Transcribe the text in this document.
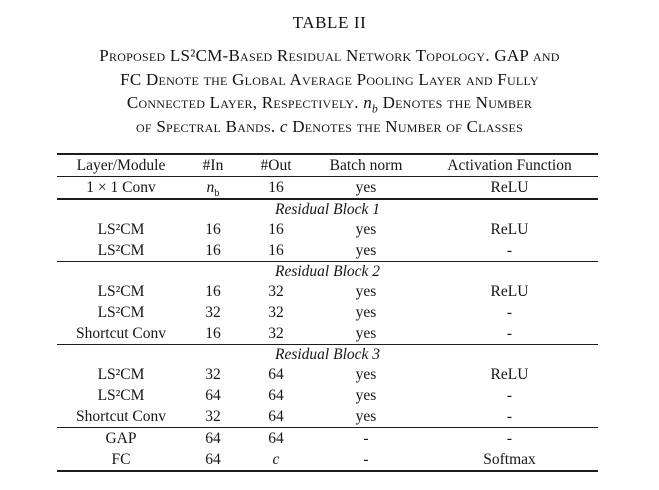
TABLE II
Proposed LS²CM-Based Residual Network Topology. GAP and
FC Denote the Global Average Pooling Layer and Fully
Connected Layer, Respectively. $n_b$ Denotes the Number
of Spectral Bands. c Denotes the Number of Classes
Layer/Module	#In	#Out	Batch norm	Activation Function
1 × 1 Conv	$n_b$	16	yes	ReLU
Residual Block 1
LS²CM	16	16	yes	ReLU
LS²CM	16	16	yes	-
Residual Block 2
LS²CM	16	32	yes	ReLU
LS²CM	32	32	yes	-
Shortcut Conv	16	32	yes	-
Residual Block 3
LS²CM	32	64	yes	ReLU
LS²CM	64	64	yes	-
Shortcut Conv	32	64	yes	-
GAP	64	64	-	-
FC	64	c	-	Softmax
